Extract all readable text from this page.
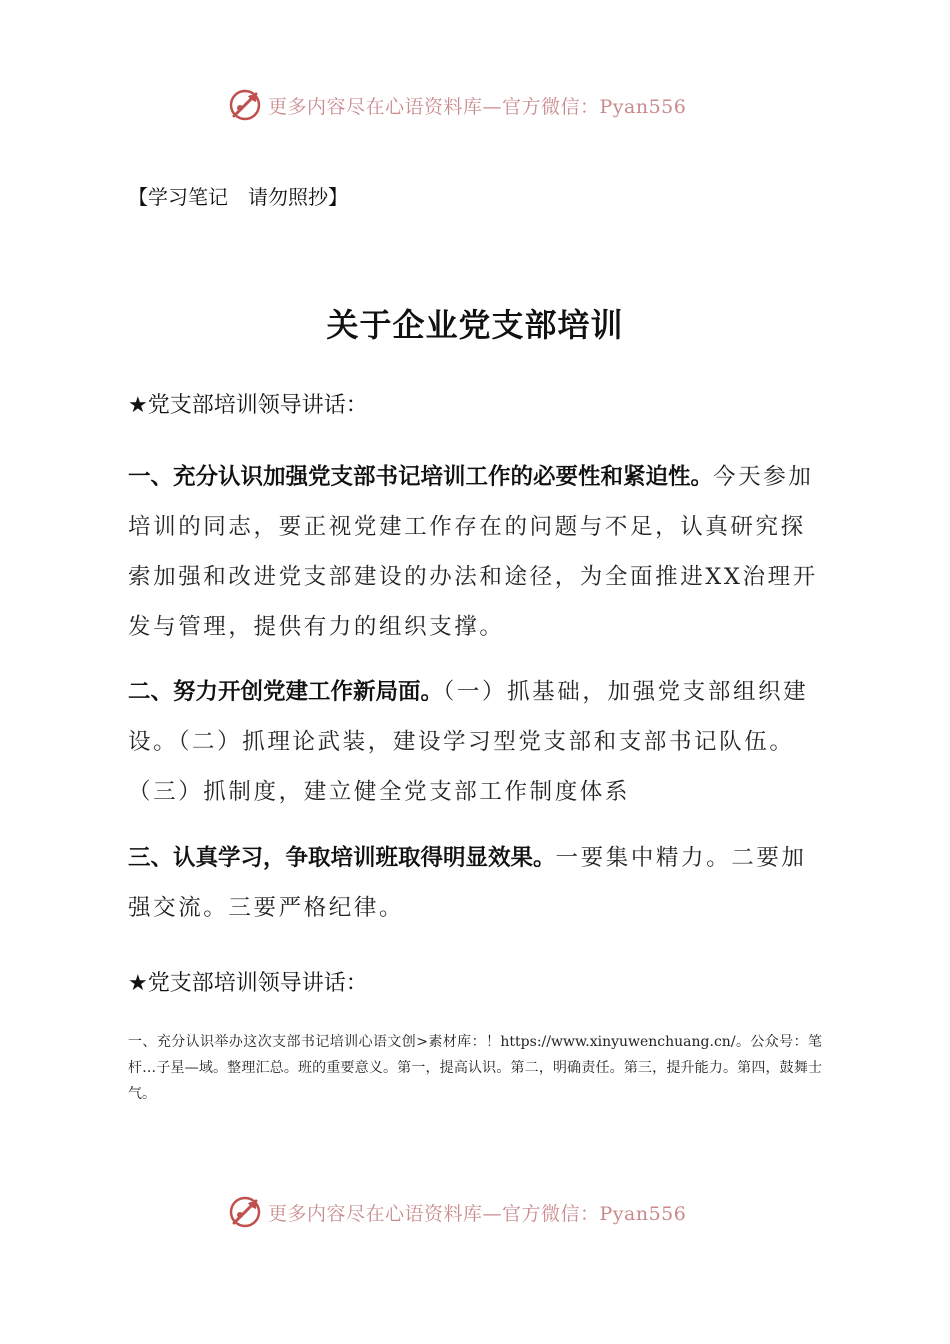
更多内容尽在心语资料库—官方微信：Pyan556
【学习笔记　请勿照抄】
关于企业党支部培训
★党支部培训领导讲话：
一、充分认识加强党支部书记培训工作的必要性和紧迫性。今天参加培训的同志，要正视党建工作存在的问题与不足，认真研究探索加强和改进党支部建设的办法和途径，为全面推进XX治理开发与管理，提供有力的组织支撑。
二、努力开创党建工作新局面。（一）抓基础，加强党支部组织建设。（二）抓理论武装，建设学习型党支部和支部书记队伍。（三）抓制度，建立健全党支部工作制度体系
三、认真学习，争取培训班取得明显效果。一要集中精力。二要加强交流。三要严格纪律。
★党支部培训领导讲话：
一、充分认识举办这次支部书记培训心语文创>素材库：！https://www.xinyuwenchuang.cn/。公众号：笔杆…子星—域。整理汇总。班的重要意义。第一，提高认识。第二，明确责任。第三，提升能力。第四，鼓舞士气。
更多内容尽在心语资料库—官方微信：Pyan556
